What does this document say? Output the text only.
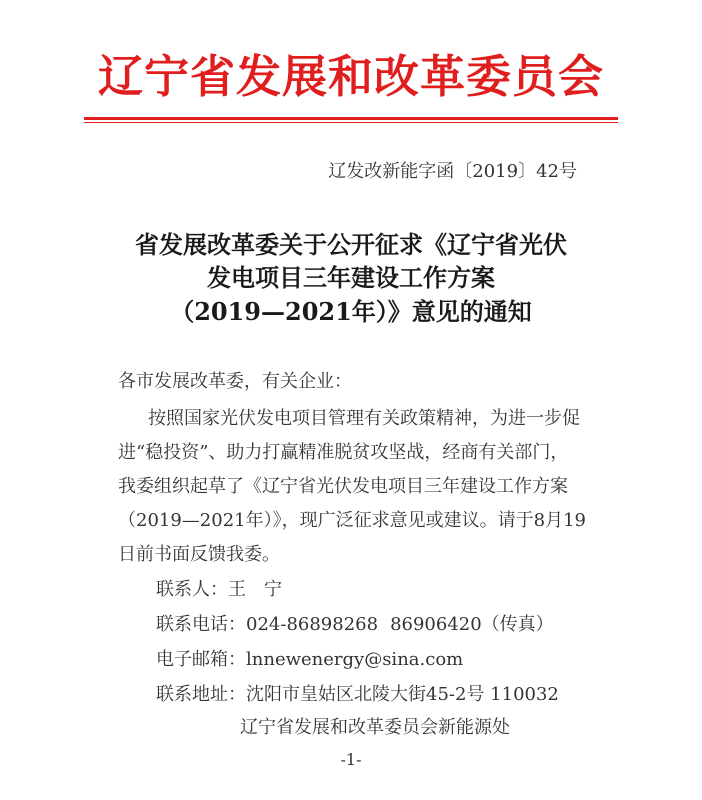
辽宁省发展和改革委员会
辽发改新能字函〔2019〕42号
省发展改革委关于公开征求《辽宁省光伏
发电项目三年建设工作方案
（2019—2021年）》意见的通知
各市发展改革委，有关企业：
按照国家光伏发电项目管理有关政策精神，为进一步促
进“稳投资”、助力打赢精准脱贫攻坚战，经商有关部门，
我委组织起草了《辽宁省光伏发电项目三年建设工作方案
（2019—2021年）》，现广泛征求意见或建议。请于8月19
日前书面反馈我委。
联系人：王　宁
联系电话：024-86898268 86906420（传真）
电子邮箱：lnnewenergy@sina.com
联系地址：沈阳市皇姑区北陵大街45-2号 110032
辽宁省发展和改革委员会新能源处
-1-
